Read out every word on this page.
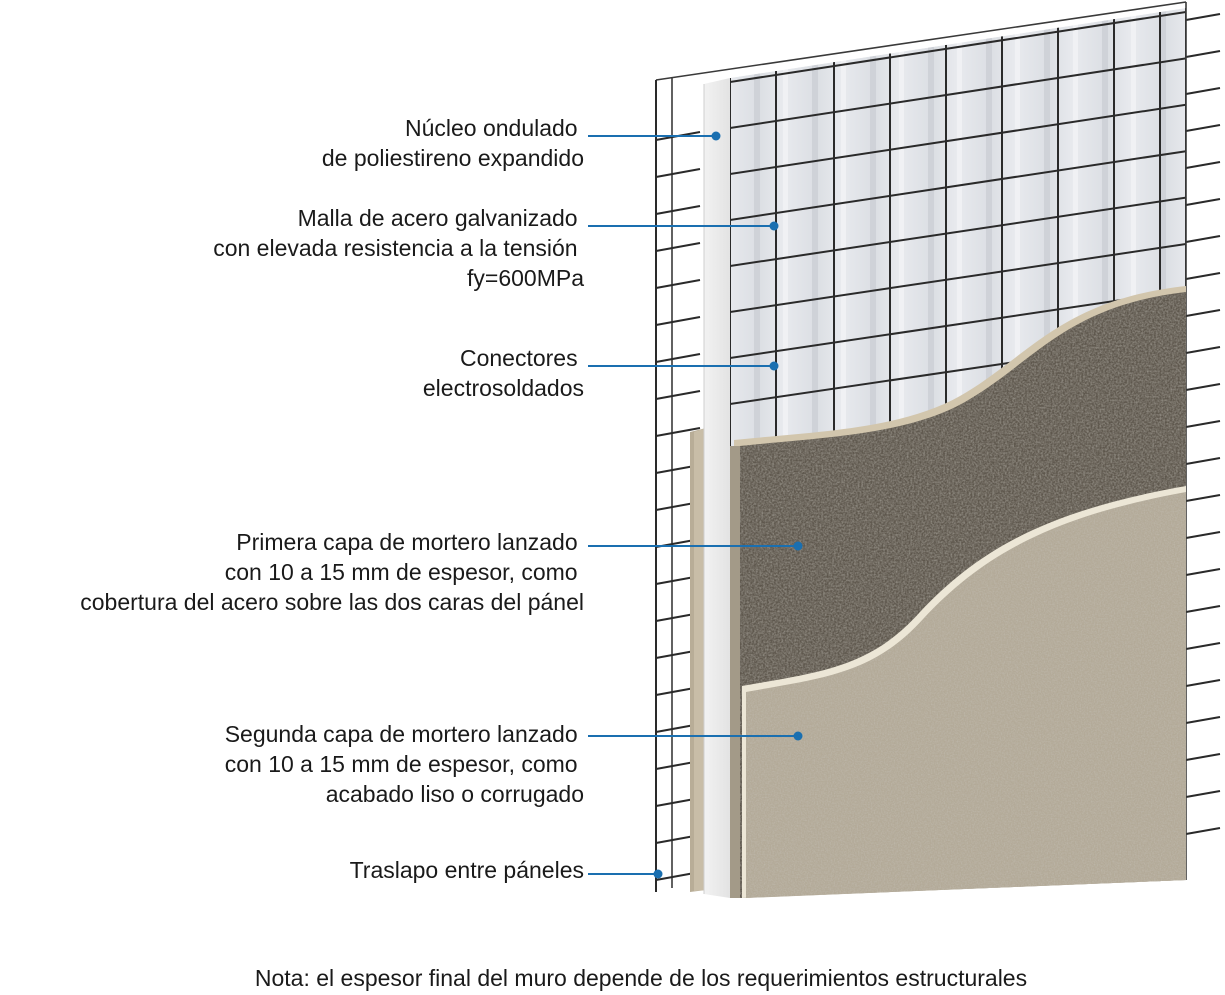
Núcleo ondulado de poliestireno expandido
Malla de acero galvanizado con elevada resistencia a la tensión fy=600MPa
Conectores electrosoldados
Primera capa de mortero lanzado con 10 a 15 mm de espesor, como cobertura del acero sobre las dos caras del pánel
Segunda capa de mortero lanzado con 10 a 15 mm de espesor, como acabado liso o corrugado
Traslapo entre páneles
Nota: el espesor final del muro depende de los requerimientos estructurales
